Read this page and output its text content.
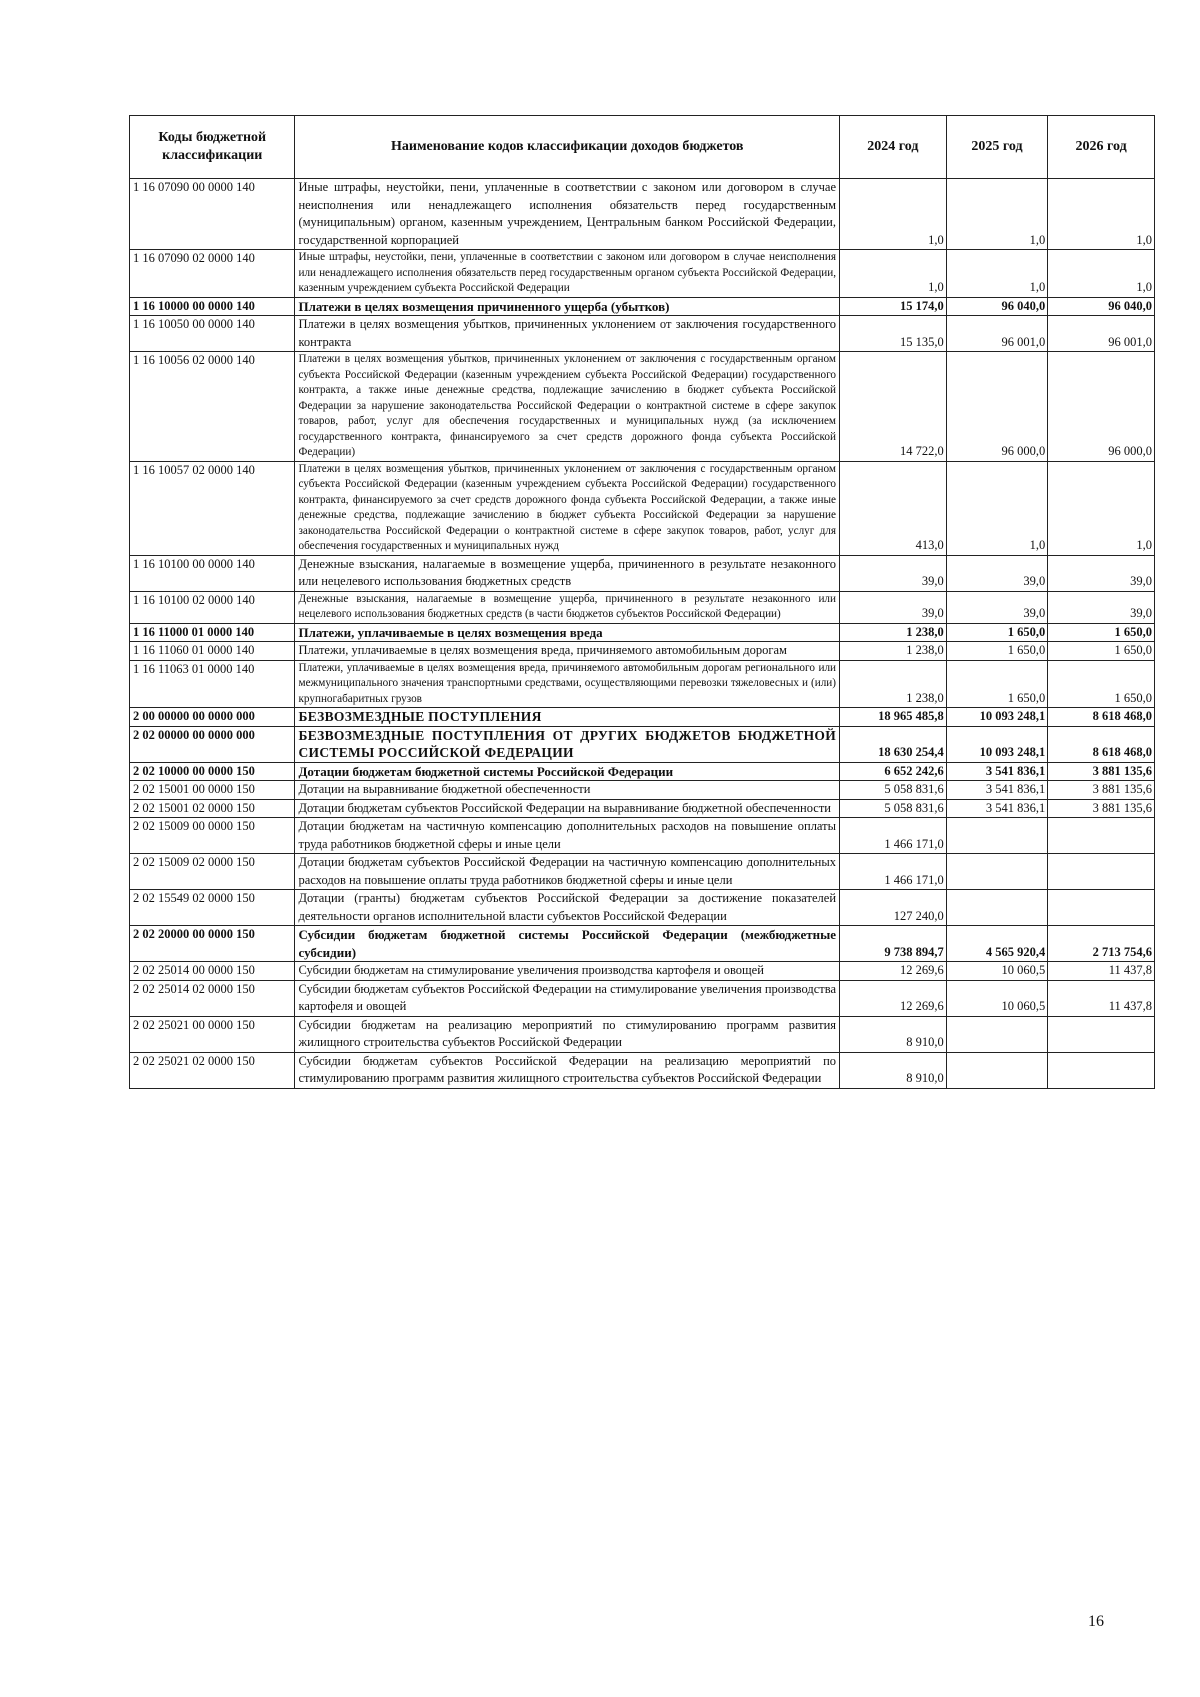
Коды бюджетной классификации	Наименование кодов классификации доходов бюджетов	2024 год	2025 год	2026 год
1 16 07090 00 0000 140	Иные штрафы, неустойки, пени, уплаченные в соответствии с законом или договором в случае неисполнения или ненадлежащего исполнения обязательств перед государственным (муниципальным) органом, казенным учреждением, Центральным банком Российской Федерации, государственной корпорацией	1,0	1,0	1,0
1 16 07090 02 0000 140	Иные штрафы, неустойки, пени, уплаченные в соответствии с законом или договором в случае неисполнения или ненадлежащего исполнения обязательств перед государственным органом субъекта Российской Федерации, казенным учреждением субъекта Российской Федерации	1,0	1,0	1,0
1 16 10000 00 0000 140	Платежи в целях возмещения причиненного ущерба (убытков)	15 174,0	96 040,0	96 040,0
1 16 10050 00 0000 140	Платежи в целях возмещения убытков, причиненных уклонением от заключения государственного контракта	15 135,0	96 001,0	96 001,0
1 16 10056 02 0000 140	Платежи в целях возмещения убытков, причиненных уклонением от заключения с государственным органом субъекта Российской Федерации (казенным учреждением субъекта Российской Федерации) государственного контракта, а также иные денежные средства, подлежащие зачислению в бюджет субъекта Российской Федерации за нарушение законодательства Российской Федерации о контрактной системе в сфере закупок товаров, работ, услуг для обеспечения государственных и муниципальных нужд (за исключением государственного контракта, финансируемого за счет средств дорожного фонда субъекта Российской Федерации)	14 722,0	96 000,0	96 000,0
1 16 10057 02 0000 140	Платежи в целях возмещения убытков, причиненных уклонением от заключения с государственным органом субъекта Российской Федерации (казенным учреждением субъекта Российской Федерации) государственного контракта, финансируемого за счет средств дорожного фонда субъекта Российской Федерации, а также иные денежные средства, подлежащие зачислению в бюджет субъекта Российской Федерации за нарушение законодательства Российской Федерации о контрактной системе в сфере закупок товаров, работ, услуг для обеспечения государственных и муниципальных нужд	413,0	1,0	1,0
1 16 10100 00 0000 140	Денежные взыскания, налагаемые в возмещение ущерба, причиненного в результате незаконного или нецелевого использования бюджетных средств	39,0	39,0	39,0
1 16 10100 02 0000 140	Денежные взыскания, налагаемые в возмещение ущерба, причиненного в результате незаконного или нецелевого использования бюджетных средств (в части бюджетов субъектов Российской Федерации)	39,0	39,0	39,0
1 16 11000 01 0000 140	Платежи, уплачиваемые в целях возмещения вреда	1 238,0	1 650,0	1 650,0
1 16 11060 01 0000 140	Платежи, уплачиваемые в целях возмещения вреда, причиняемого автомобильным дорогам	1 238,0	1 650,0	1 650,0
1 16 11063 01 0000 140	Платежи, уплачиваемые в целях возмещения вреда, причиняемого автомобильным дорогам регионального или межмуниципального значения транспортными средствами, осуществляющими перевозки тяжеловесных и (или) крупногабаритных грузов	1 238,0	1 650,0	1 650,0
2 00 00000 00 0000 000	БЕЗВОЗМЕЗДНЫЕ ПОСТУПЛЕНИЯ	18 965 485,8	10 093 248,1	8 618 468,0
2 02 00000 00 0000 000	БЕЗВОЗМЕЗДНЫЕ ПОСТУПЛЕНИЯ ОТ ДРУГИХ БЮДЖЕТОВ БЮДЖЕТНОЙ СИСТЕМЫ РОССИЙСКОЙ ФЕДЕРАЦИИ	18 630 254,4	10 093 248,1	8 618 468,0
2 02 10000 00 0000 150	Дотации бюджетам бюджетной системы Российской Федерации	6 652 242,6	3 541 836,1	3 881 135,6
2 02 15001 00 0000 150	Дотации на выравнивание бюджетной обеспеченности	5 058 831,6	3 541 836,1	3 881 135,6
2 02 15001 02 0000 150	Дотации бюджетам субъектов Российской Федерации на выравнивание бюджетной обеспеченности	5 058 831,6	3 541 836,1	3 881 135,6
2 02 15009 00 0000 150	Дотации бюджетам на частичную компенсацию дополнительных расходов на повышение оплаты труда работников бюджетной сферы и иные цели	1 466 171,0		
2 02 15009 02 0000 150	Дотации бюджетам субъектов Российской Федерации на частичную компенсацию дополнительных расходов на повышение оплаты труда работников бюджетной сферы и иные цели	1 466 171,0		
2 02 15549 02 0000 150	Дотации (гранты) бюджетам субъектов Российской Федерации за достижение показателей деятельности органов исполнительной власти субъектов Российской Федерации	127 240,0		
2 02 20000 00 0000 150	Субсидии бюджетам бюджетной системы Российской Федерации (межбюджетные субсидии)	9 738 894,7	4 565 920,4	2 713 754,6
2 02 25014 00 0000 150	Субсидии бюджетам на стимулирование увеличения производства картофеля и овощей	12 269,6	10 060,5	11 437,8
2 02 25014 02 0000 150	Субсидии бюджетам субъектов Российской Федерации на стимулирование увеличения производства картофеля и овощей	12 269,6	10 060,5	11 437,8
2 02 25021 00 0000 150	Субсидии бюджетам на реализацию мероприятий по стимулированию программ развития жилищного строительства субъектов Российской Федерации	8 910,0		
2 02 25021 02 0000 150	Субсидии бюджетам субъектов Российской Федерации на реализацию мероприятий по стимулированию программ развития жилищного строительства субъектов Российской Федерации	8 910,0		
16
